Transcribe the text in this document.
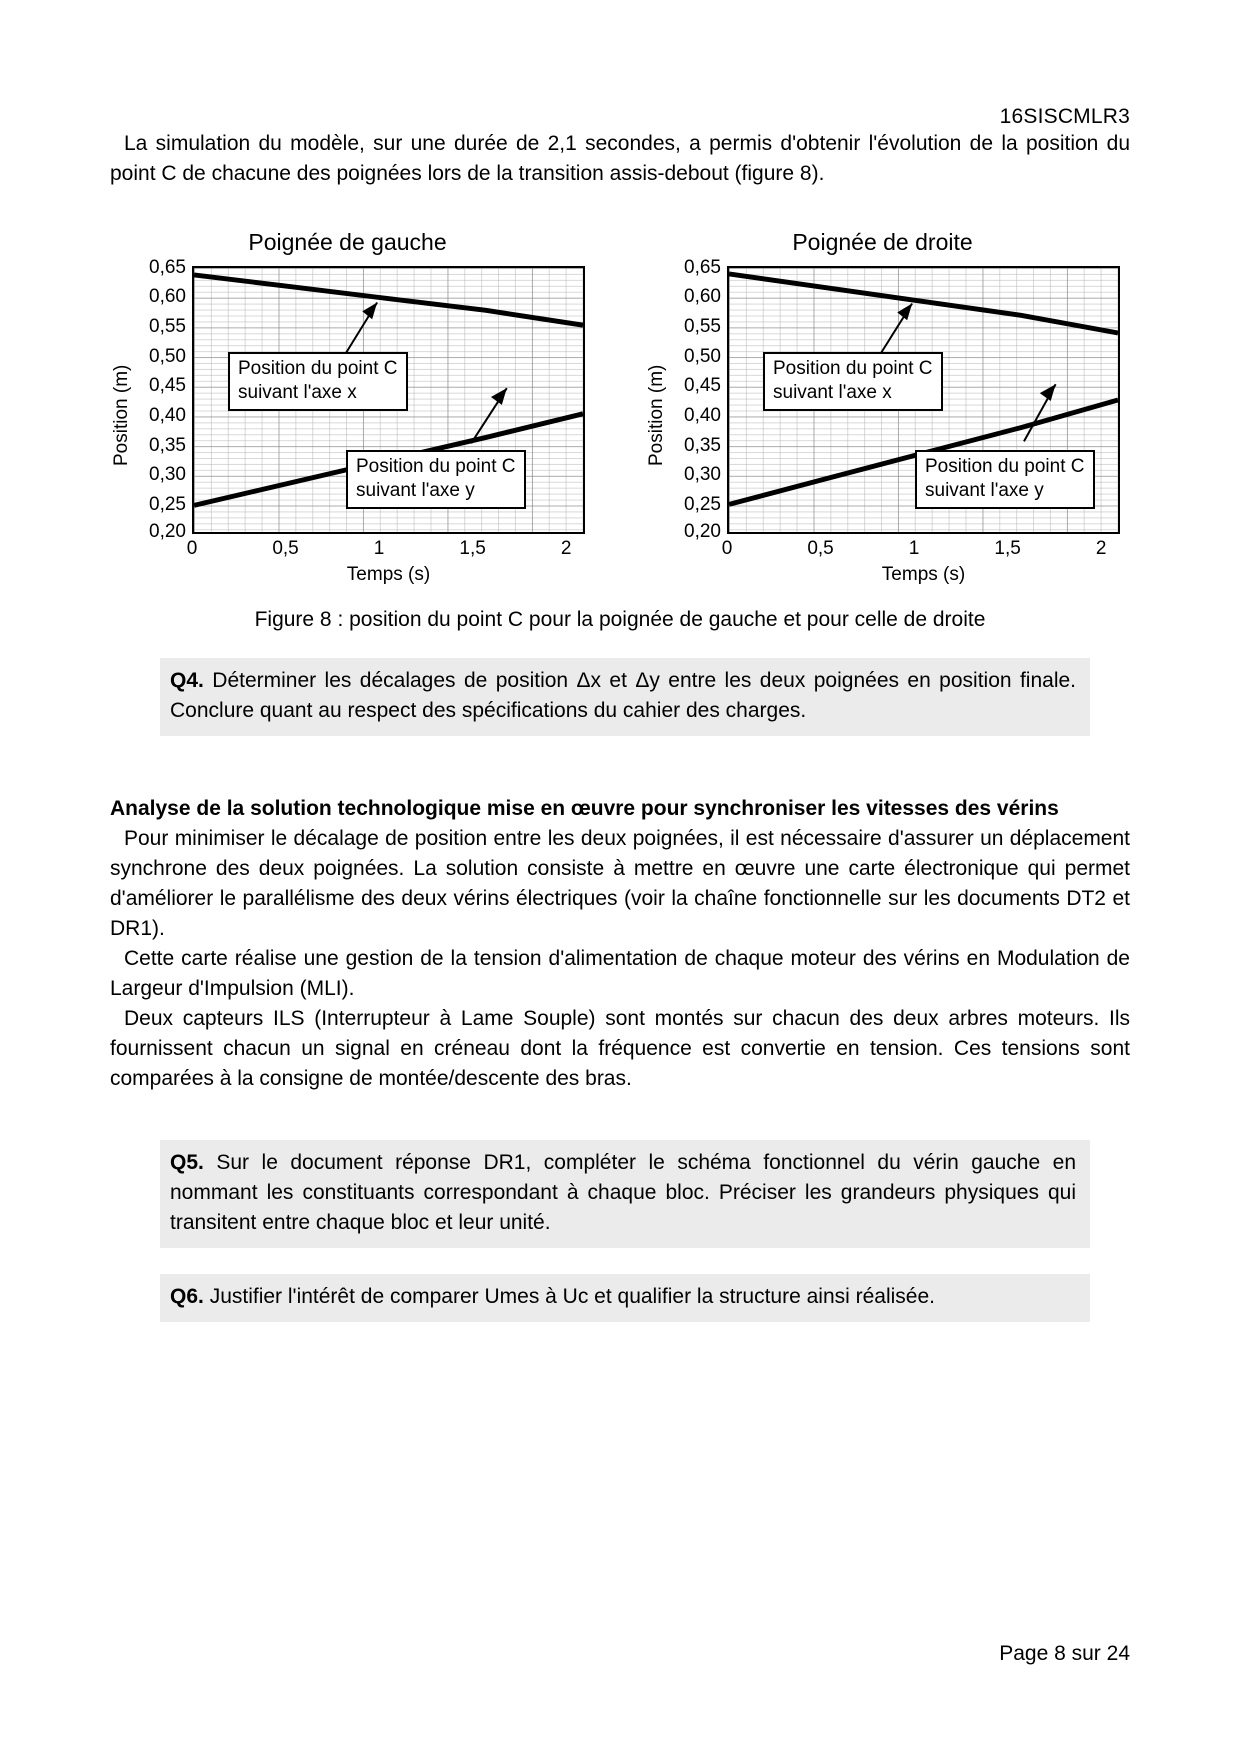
16SISCMLR3

La simulation du modèle, sur une durée de 2,1 secondes, a permis d'obtenir l'évolution de la position du point C de chacune des poignées lors de la transition assis-debout (figure 8).

Poignée de gauche
Position (m)
0,65
0,60
0,55
0,50
0,45
0,40
0,35
0,30
0,25
0,20
Position du point C
suivant l'axe x
Position du point C
suivant l'axe y
0	0,5	1	1,5	2
Temps (s)
Poignée de droite
Position (m)
0,65
0,60
0,55
0,50
0,45
0,40
0,35
0,30
0,25
0,20
Position du point C
suivant l'axe x
Position du point C
suivant l'axe y
0	0,5	1	1,5	2
Temps (s)
Figure 8 : position du point C pour la poignée de gauche et pour celle de droite
Q4. Déterminer les décalages de position Δx et Δy entre les deux poignées en position finale. Conclure quant au respect des spécifications du cahier des charges.
Analyse de la solution technologique mise en œuvre pour synchroniser les vitesses des vérins

Pour minimiser le décalage de position entre les deux poignées, il est nécessaire d'assurer un déplacement synchrone des deux poignées. La solution consiste à mettre en œuvre une carte électronique qui permet d'améliorer le parallélisme des deux vérins électriques (voir la chaîne fonctionnelle sur les documents DT2 et DR1).

Cette carte réalise une gestion de la tension d'alimentation de chaque moteur des vérins en Modulation de Largeur d'Impulsion (MLI).

Deux capteurs ILS (Interrupteur à Lame Souple) sont montés sur chacun des deux arbres moteurs. Ils fournissent chacun un signal en créneau dont la fréquence est convertie en tension. Ces tensions sont comparées à la consigne de montée/descente des bras.

Q5. Sur le document réponse DR1, compléter le schéma fonctionnel du vérin gauche en nommant les constituants correspondant à chaque bloc. Préciser les grandeurs physiques qui transitent entre chaque bloc et leur unité.
Q6. Justifier l'intérêt de comparer Umes à Uc et qualifier la structure ainsi réalisée.
Page 8 sur 24
